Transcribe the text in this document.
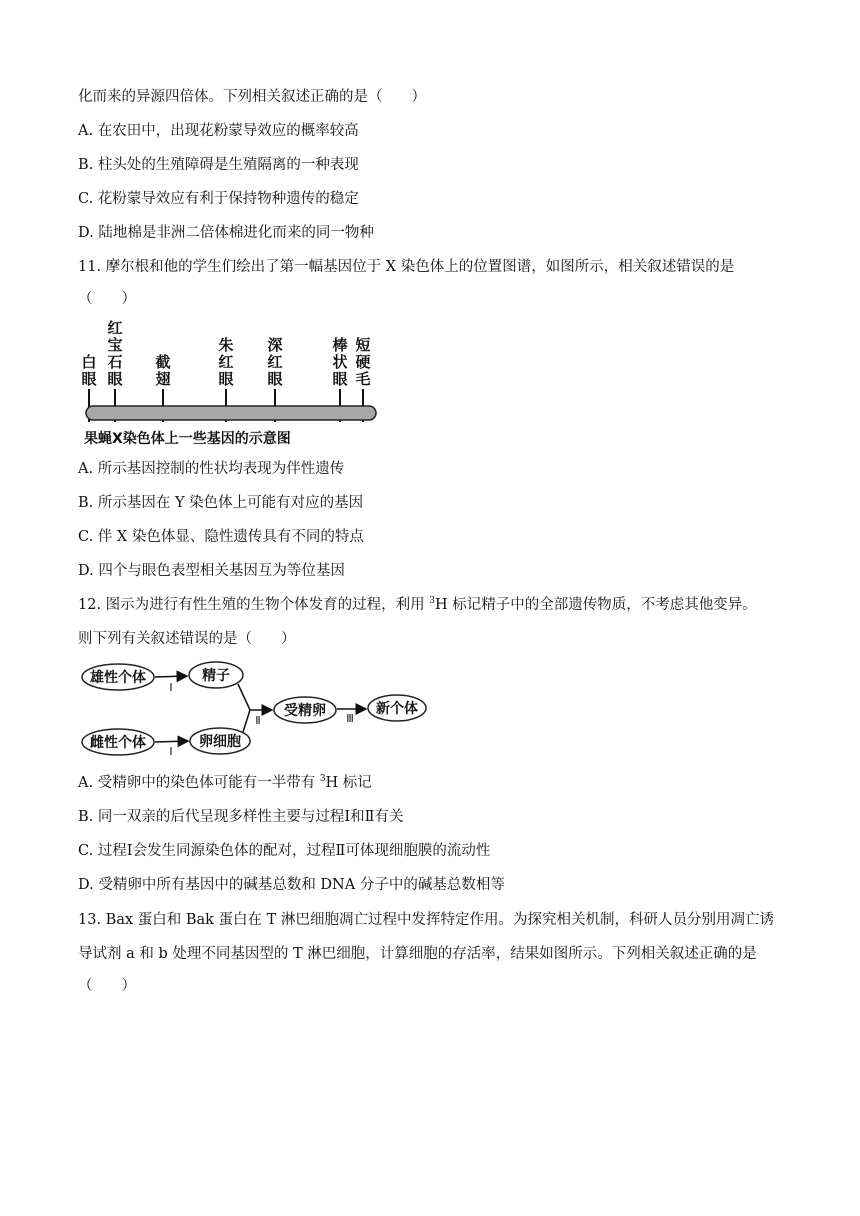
化而来的异源四倍体。下列相关叙述正确的是（　　）
A. 在农田中，出现花粉蒙导效应的概率较高
B. 柱头处的生殖障碍是生殖隔离的一种表现
C. 花粉蒙导效应有利于保持物种遗传的稳定
D. 陆地棉是非洲二倍体棉进化而来的同一物种
11. 摩尔根和他的学生们绘出了第一幅基因位于 X 染色体上的位置图谱，如图所示，相关叙述错误的是
（　　）
白
眼
红
宝
石
眼
截
翅
朱
红
眼
深
红
眼
棒
状
眼
短
硬
毛
果蝇X染色体上一些基因的示意图
A. 所示基因控制的性状均表现为伴性遗传
B. 所示基因在 Y 染色体上可能有对应的基因
C. 伴 X 染色体显、隐性遗传具有不同的特点
D. 四个与眼色表型相关基因互为等位基因
12. 图示为进行有性生殖的生物个体发育的过程，利用 $^3$H 标记精子中的全部遗传物质，不考虑其他变异。
则下列有关叙述错误的是（　　）
雄性个体	精子
雌性个体	卵细胞
受精卵	新个体
Ⅰ
Ⅰ
Ⅱ	Ⅲ
A. 受精卵中的染色体可能有一半带有 $^3$H 标记
B. 同一双亲的后代呈现多样性主要与过程Ⅰ和Ⅱ有关
C. 过程Ⅰ会发生同源染色体的配对，过程Ⅱ可体现细胞膜的流动性
D. 受精卵中所有基因中的碱基总数和 DNA 分子中的碱基总数相等
13. Bax 蛋白和 Bak 蛋白在 T 淋巴细胞凋亡过程中发挥特定作用。为探究相关机制，科研人员分别用凋亡诱
导试剂 a 和 b 处理不同基因型的 T 淋巴细胞，计算细胞的存活率，结果如图所示。下列相关叙述正确的是
（　　）
